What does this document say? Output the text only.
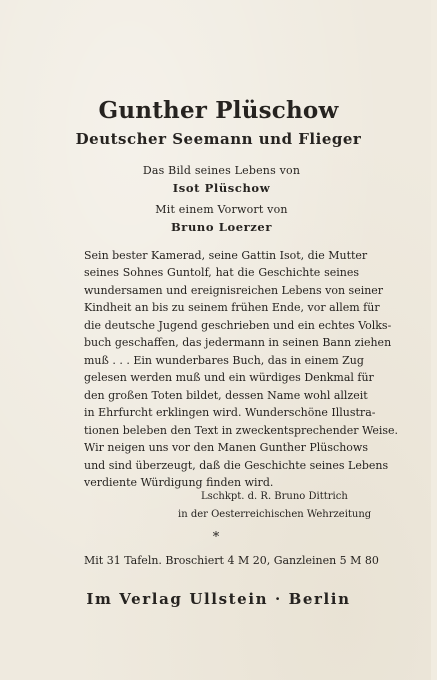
Gunther Plüschow
Deutscher Seemann und Flieger
Das Bild seines Lebens von
Isot Plüschow
Mit einem Vorwort von
Bruno Loerzer
Sein bester Kamerad, seine Gattin Isot, die Mutter
seines Sohnes Guntolf, hat die Geschichte seines
wundersamen und ereignisreichen Lebens von seiner
Kindheit an bis zu seinem frühen Ende, vor allem für
die deutsche Jugend geschrieben und ein echtes Volks-
buch geschaffen, das jedermann in seinen Bann ziehen
muß . . . Ein wunderbares Buch, das in einem Zug
gelesen werden muß und ein würdiges Denkmal für
den großen Toten bildet, dessen Name wohl allzeit
in Ehrfurcht erklingen wird. Wunderschöne Illustra-
tionen beleben den Text in zweckentsprechender Weise.
Wir neigen uns vor den Manen Gunther Plüschows
und sind überzeugt, daß die Geschichte seines Lebens
verdiente Würdigung finden wird.
Lschkpt. d. R. Bruno Dittrich
in der Oesterreichischen Wehrzeitung
*
Mit 31 Tafeln. Broschiert 4 M 20, Ganzleinen 5 M 80
Im Verlag Ullstein · Berlin
